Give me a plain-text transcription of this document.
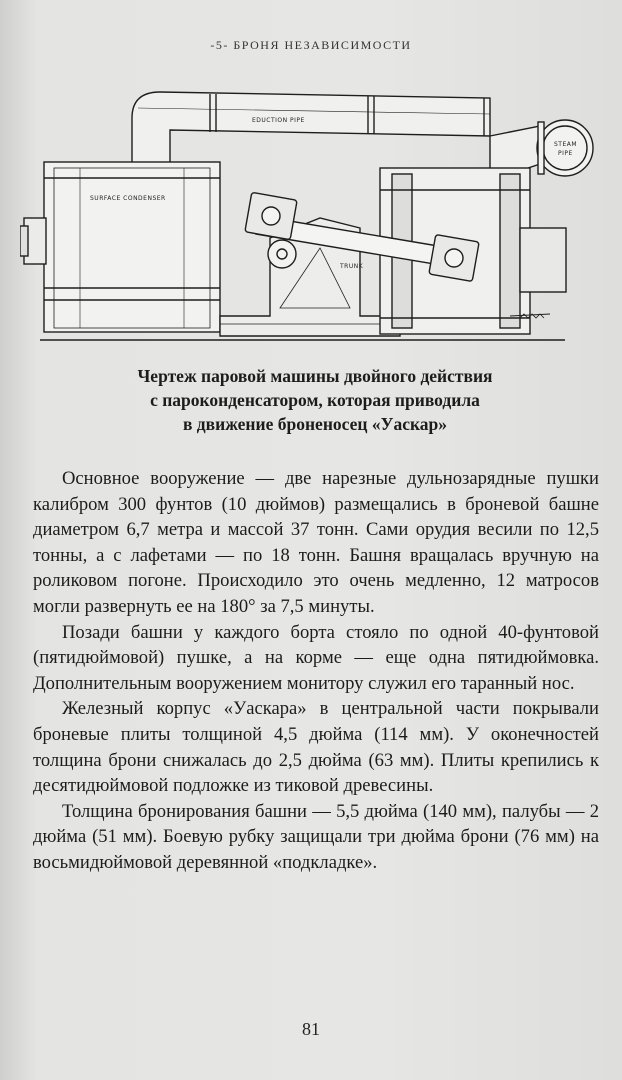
-5- БРОНЯ НЕЗАВИСИМОСТИ
EDUCTION PIPE
STEAM
PIPE
SURFACE CONDENSER
TRUNK
Чертеж паровой машины двойного действия
с пароконденсатором, которая приводила
в движение броненосец «Уаскар»

Основное вооружение — две нарезные дульнозарядные пушки калибром 300 фунтов (10 дюймов) размещались в броневой башне диаметром 6,7 метра и массой 37 тонн. Сами орудия весили по 12,5 тонны, а с лафетами — по 18 тонн. Башня вращалась вручную на роликовом погоне. Происходило это очень медленно, 12 матросов могли развернуть ее на 180° за 7,5 минуты.

Позади башни у каждого борта стояло по одной 40-фунтовой (пятидюймовой) пушке, а на корме — еще одна пятидюймовка. Дополнительным вооружением монитору служил его таранный нос.

Железный корпус «Уаскара» в центральной части покрывали броневые плиты толщиной 4,5 дюйма (114 мм). У оконечностей толщина брони снижалась до 2,5 дюйма (63 мм). Плиты крепились к десятидюймовой подложке из тиковой древесины.

Толщина бронирования башни — 5,5 дюйма (140 мм), палубы — 2 дюйма (51 мм). Боевую рубку защищали три дюйма брони (76 мм) на восьмидюймовой деревянной «подкладке».

81
